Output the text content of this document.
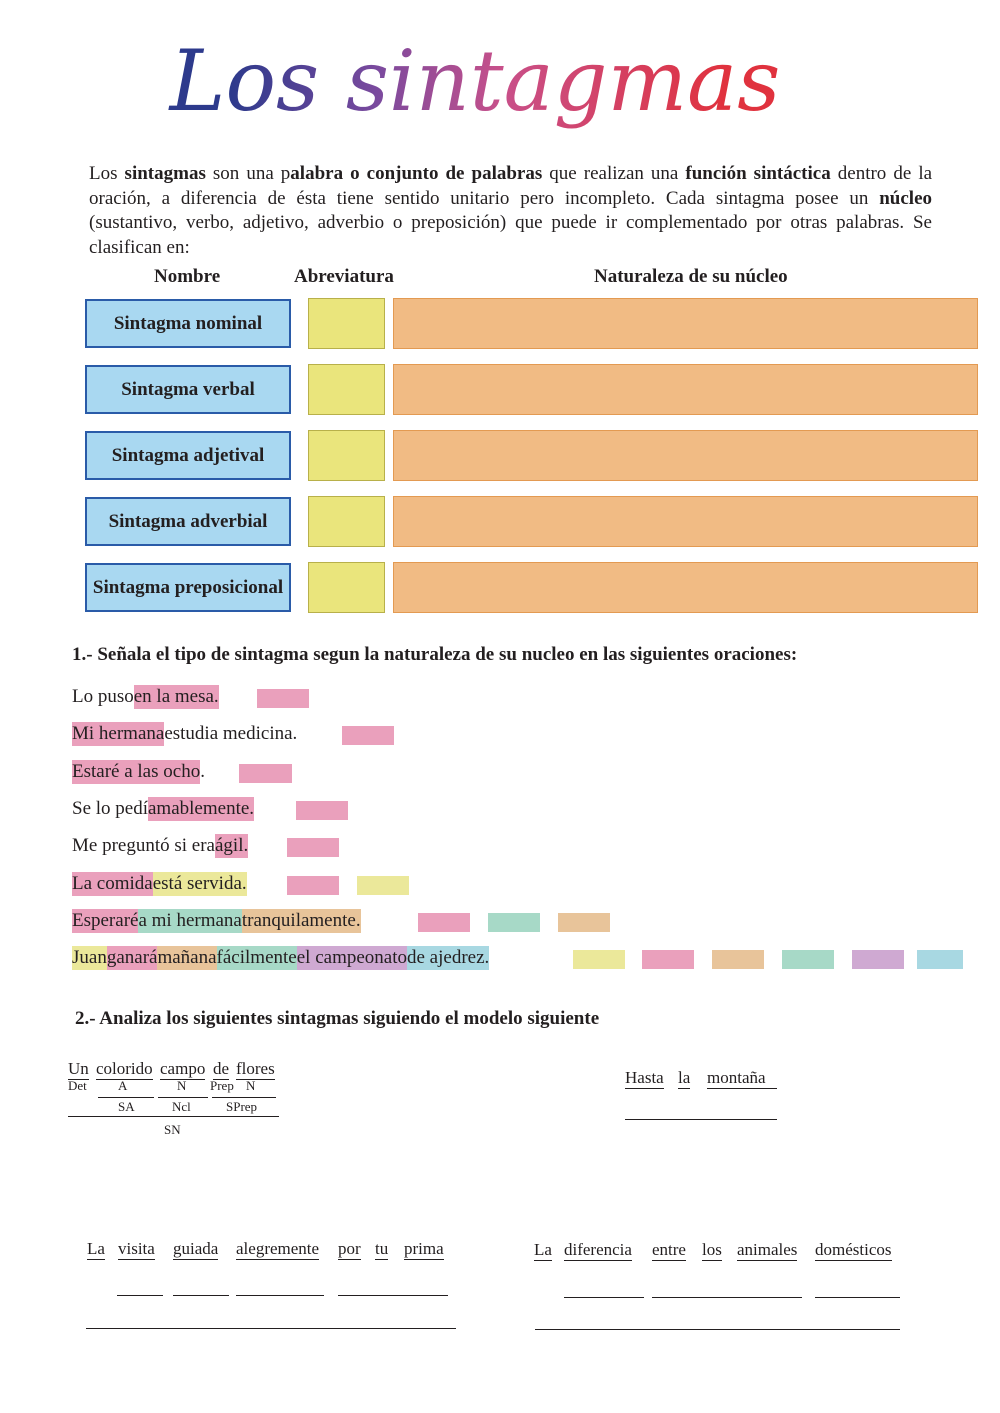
Los sintagmas
Los sintagmas son una palabra o conjunto de palabras que realizan una función sintáctica dentro de la oración, a diferencia de ésta tiene sentido unitario pero incompleto. Cada sintagma posee un núcleo (sustantivo, verbo, adjetivo, adverbio o preposición) que puede ir complementado por otras palabras. Se clasifican en:
Nombre	Abreviatura	Naturaleza de su núcleo
Sintagma nominal
Sintagma verbal
Sintagma adjetival
Sintagma adverbial
Sintagma preposicional
1.- Señala el tipo de sintagma segun la naturaleza de su nucleo en las siguientes oraciones:
Lo pusoen la mesa.
Mi hermanaestudia medicina.
Estaré a las ocho.
Se lo pedíamablemente.
Me preguntó si eraágil.
La comidaestá servida.
Esperaréa mi hermanatranquilamente.
Juanganarámañanafácilmenteel campeonatode ajedrez.
2.- Analiza los siguientes sintagmas siguiendo el modelo siguiente
Un colorido campo de flores
Det A	N Prep N
SA	Ncl	SPrep
SN
Hasta la montaña
La visita guiada alegremente por tu prima	La diferencia entre los animales domésticos
